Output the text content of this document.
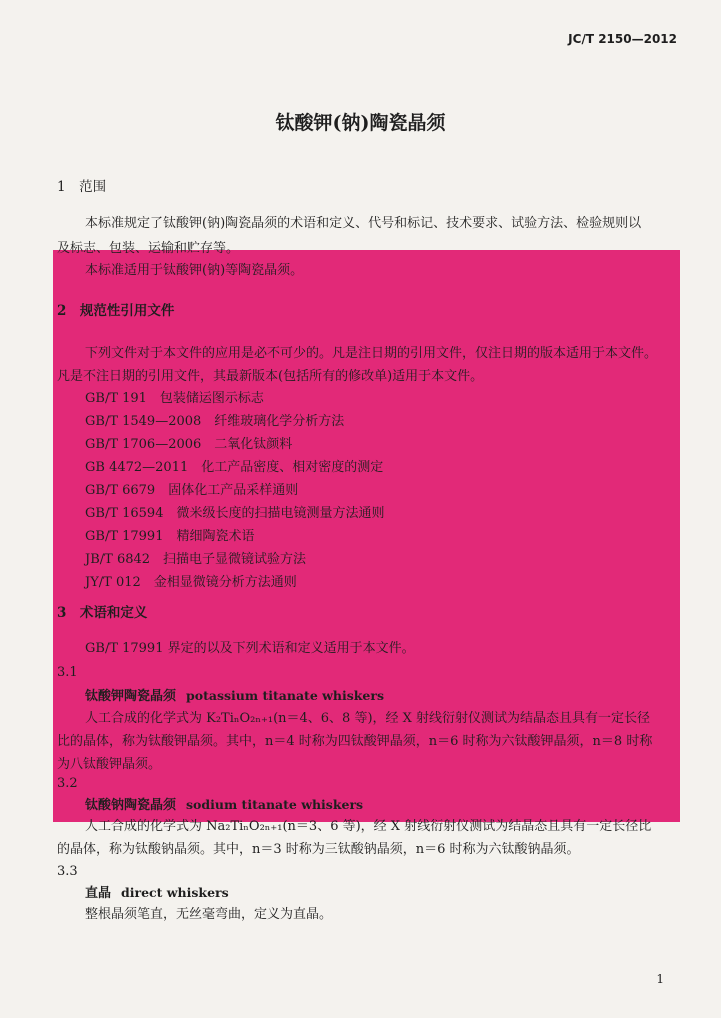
JC/T 2150—2012
钛酸钾(钠)陶瓷晶须
1　范围
本标准规定了钛酸钾(钠)陶瓷晶须的术语和定义、代号和标记、技术要求、试验方法、检验规则以
及标志、包装、运输和贮存等。
本标准适用于钛酸钾(钠)等陶瓷晶须。
2　规范性引用文件
下列文件对于本文件的应用是必不可少的。凡是注日期的引用文件，仅注日期的版本适用于本文件。
凡是不注日期的引用文件，其最新版本(包括所有的修改单)适用于本文件。
GB/T 191　包装储运图示标志
GB/T 1549—2008　纤维玻璃化学分析方法
GB/T 1706—2006　二氧化钛颜料
GB 4472—2011　化工产品密度、相对密度的测定
GB/T 6679　固体化工产品采样通则
GB/T 16594　微米级长度的扫描电镜测量方法通则
GB/T 17991　精细陶瓷术语
JB/T 6842　扫描电子显微镜试验方法
JY/T 012　金相显微镜分析方法通则
3　术语和定义
GB/T 17991 界定的以及下列术语和定义适用于本文件。
3.1
钛酸钾陶瓷晶须 potassium titanate whiskers
人工合成的化学式为 K₂TiₙO₂ₙ₊₁(n＝4、6、8 等)，经 X 射线衍射仪测试为结晶态且具有一定长径
比的晶体，称为钛酸钾晶须。其中，n＝4 时称为四钛酸钾晶须，n＝6 时称为六钛酸钾晶须，n＝8 时称
为八钛酸钾晶须。
3.2
钛酸钠陶瓷晶须 sodium titanate whiskers
人工合成的化学式为 Na₂TiₙO₂ₙ₊₁(n＝3、6 等)，经 X 射线衍射仪测试为结晶态且具有一定长径比
的晶体，称为钛酸钠晶须。其中，n＝3 时称为三钛酸钠晶须，n＝6 时称为六钛酸钠晶须。
3.3
直晶 direct whiskers
整根晶须笔直，无丝毫弯曲，定义为直晶。
1
